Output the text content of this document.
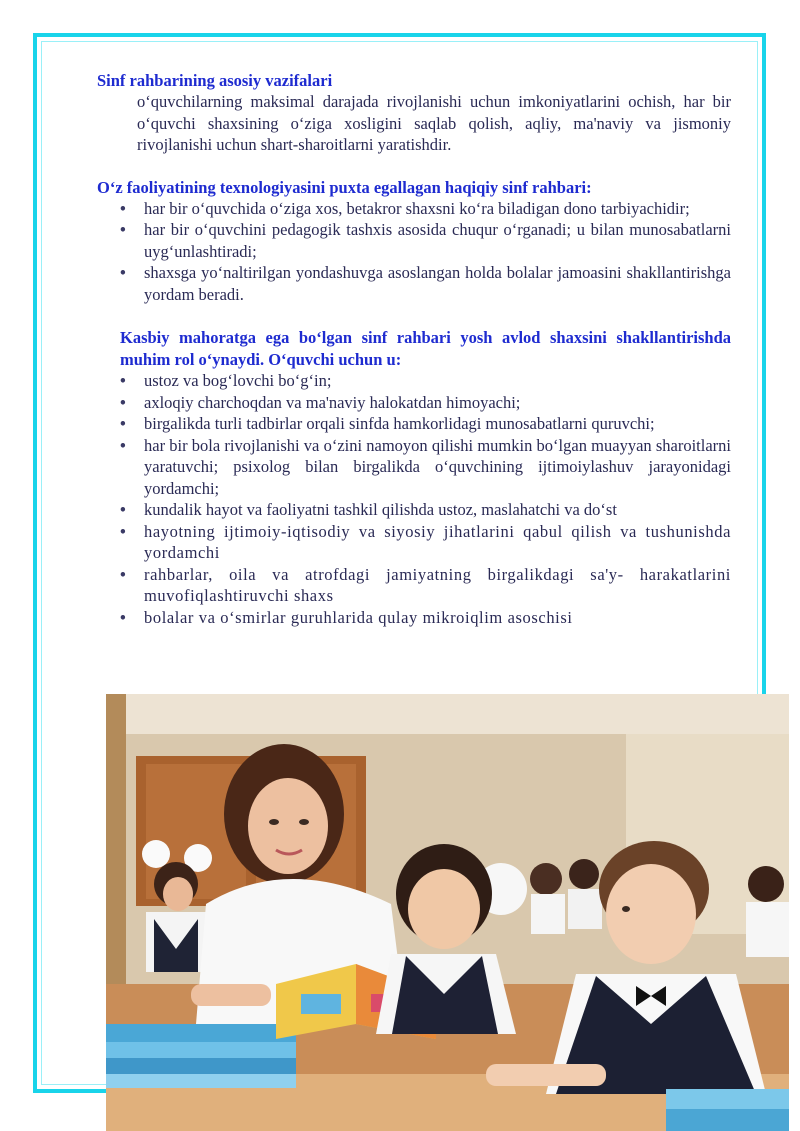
Sinf rahbarining asosiy vazifalari

o‘quvchilarning maksimal darajada rivojlanishi uchun imkoniyatlarini ochish, har bir o‘quvchi shaxsining o‘ziga xosligini saqlab qolish, aqliy, ma'naviy va jismoniy rivojlanishi uchun shart-sharoitlarni yaratishdir.

O‘z faoliyatining texnologiyasini puxta egallagan haqiqiy sinf rahbari:
• har bir o‘quvchida o‘ziga xos, betakror shaxsni ko‘ra biladigan dono tarbiyachidir;
• har bir o‘quvchini pedagogik tashxis asosida chuqur o‘rganadi; u bilan munosabatlarni uyg‘unlashtiradi;
• shaxsga yo‘naltirilgan yondashuvga asoslangan holda bolalar jamoasini shakllantirishga yordam beradi.

Kasbiy mahoratga ega bo‘lgan sinf rahbari yosh avlod shaxsini shakllantirishda muhim rol o‘ynaydi. O‘quvchi uchun u:

• ustoz va bog‘lovchi bo‘g‘in;
• axloqiy charchoqdan va ma'naviy halokatdan himoyachi;
• birgalikda turli tadbirlar orqali sinfda hamkorlidagi munosabatlarni quruvchi;
• har bir bola rivojlanishi va o‘zini namoyon qilishi mumkin bo‘lgan muayyan sharoitlarni yaratuvchi; psixolog bilan birgalikda o‘quvchining ijtimoiylashuv jarayonidagi yordamchi;
• kundalik hayot va faoliyatni tashkil qilishda ustoz, maslahatchi va do‘st
• hayotning ijtimoiy-iqtisodiy va siyosiy jihatlarini qabul qilish va tushunishda yordamchi
• rahbarlar, oila va atrofdagi jamiyatning birgalikdagi sa'y- harakatlarini muvofiqlashtiruvchi shaxs
• bolalar va o‘smirlar guruhlarida qulay mikroiqlim asoschisi
